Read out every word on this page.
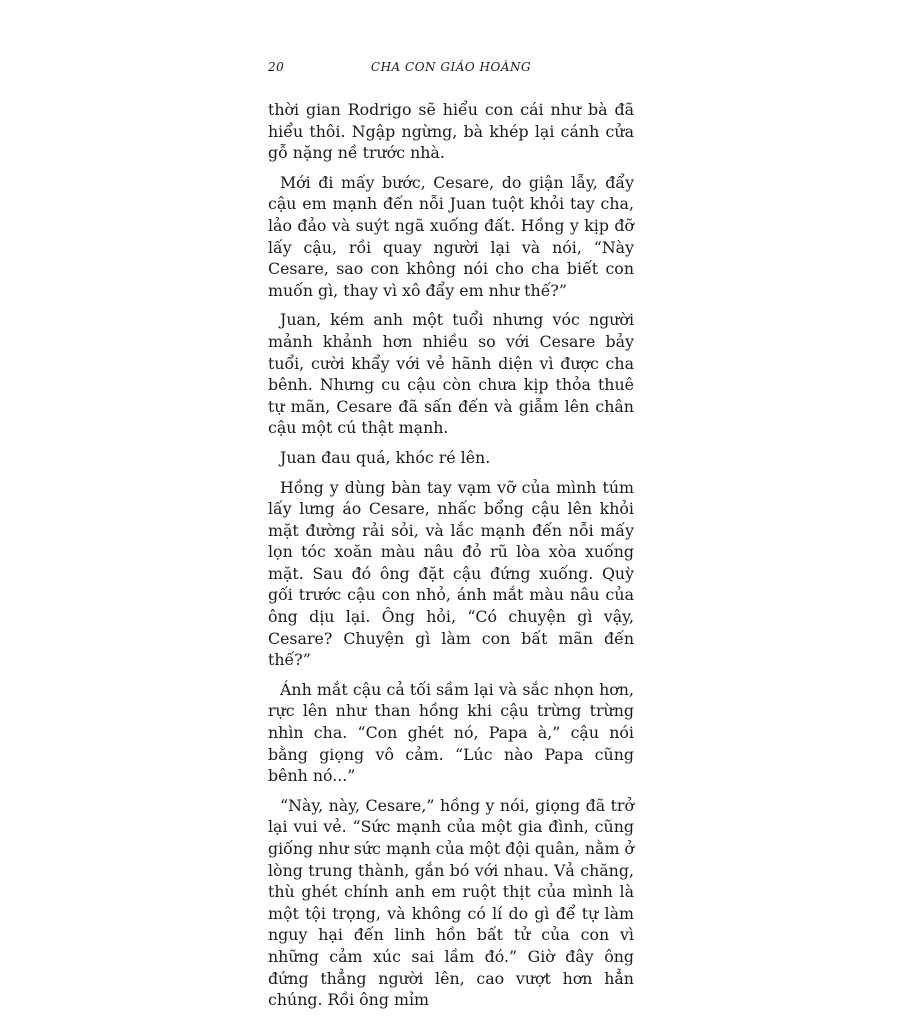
20	CHA CON GIÁO HOÀNG

thời gian Rodrigo sẽ hiểu con cái như bà đã hiểu thôi. Ngập ngừng, bà khép lại cánh cửa gỗ nặng nề trước nhà.

Mới đi mấy bước, Cesare, do giận lẫy, đẩy cậu em mạnh đến nỗi Juan tuột khỏi tay cha, lảo đảo và suýt ngã xuống đất. Hồng y kịp đỡ lấy cậu, rồi quay người lại và nói, “Này Cesare, sao con không nói cho cha biết con muốn gì, thay vì xô đẩy em như thế?”

Juan, kém anh một tuổi nhưng vóc người mảnh khảnh hơn nhiều so với Cesare bảy tuổi, cười khẩy với vẻ hãnh diện vì được cha bênh. Nhưng cu cậu còn chưa kịp thỏa thuê tự mãn, Cesare đã sấn đến và giẫm lên chân cậu một cú thật mạnh.

Juan đau quá, khóc ré lên.

Hồng y dùng bàn tay vạm vỡ của mình túm lấy lưng áo Cesare, nhấc bổng cậu lên khỏi mặt đường rải sỏi, và lắc mạnh đến nỗi mấy lọn tóc xoăn màu nâu đỏ rũ lòa xòa xuống mặt. Sau đó ông đặt cậu đứng xuống. Quỳ gối trước cậu con nhỏ, ánh mắt màu nâu của ông dịu lại. Ông hỏi, “Có chuyện gì vậy, Cesare? Chuyện gì làm con bất mãn đến thế?”

Ánh mắt cậu cả tối sầm lại và sắc nhọn hơn, rực lên như than hồng khi cậu trừng trừng nhìn cha. “Con ghét nó, Papa à,” cậu nói bằng giọng vô cảm. “Lúc nào Papa cũng bênh nó...”

“Này, này, Cesare,” hồng y nói, giọng đã trở lại vui vẻ. “Sức mạnh của một gia đình, cũng giống như sức mạnh của một đội quân, nằm ở lòng trung thành, gắn bó với nhau. Vả chăng, thù ghét chính anh em ruột thịt của mình là một tội trọng, và không có lí do gì để tự làm nguy hại đến linh hồn bất tử của con vì những cảm xúc sai lầm đó.” Giờ đây ông đứng thẳng người lên, cao vượt hơn hẳn chúng. Rồi ông mỉm
